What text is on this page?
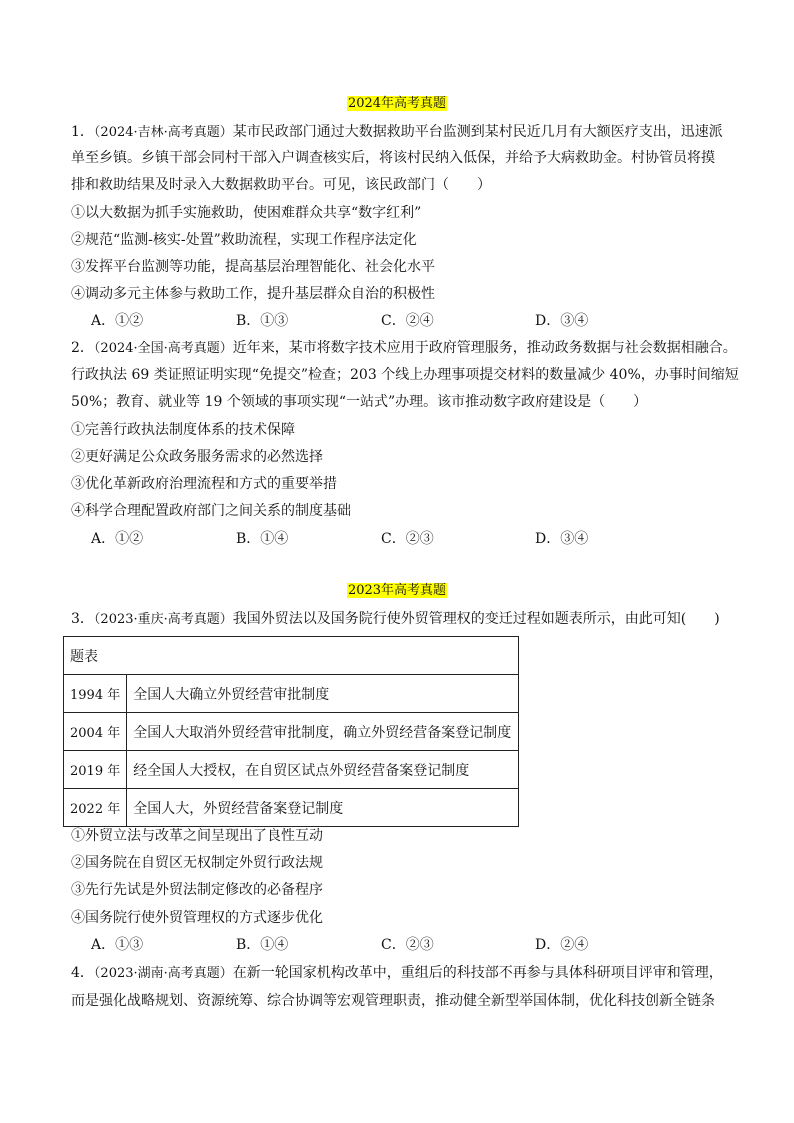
2024年高考真题
1．（2024·吉林·高考真题）某市民政部门通过大数据救助平台监测到某村民近几月有大额医疗支出，迅速派
单至乡镇。乡镇干部会同村干部入户调查核实后，将该村民纳入低保，并给予大病救助金。村协管员将摸
排和救助结果及时录入大数据救助平台。可见，该民政部门（　　）
①以大数据为抓手实施救助，使困难群众共享“数字红利”
②规范“监测-核实-处置”救助流程，实现工作程序法定化
③发挥平台监测等功能，提高基层治理智能化、社会化水平
④调动多元主体参与救助工作，提升基层群众自治的积极性
A．①②	B．①③	C．②④	D．③④
2．（2024·全国·高考真题）近年来，某市将数字技术应用于政府管理服务，推动政务数据与社会数据相融合。
行政执法 69 类证照证明实现“免提交”检查；203 个线上办理事项提交材料的数量减少 40%，办事时间缩短
50%；教育、就业等 19 个领域的事项实现“一站式”办理。该市推动数字政府建设是（　　）
①完善行政执法制度体系的技术保障
②更好满足公众政务服务需求的必然选择
③优化革新政府治理流程和方式的重要举措
④科学合理配置政府部门之间关系的制度基础
A．①②	B．①④	C．②③	D．③④
2023年高考真题
3．（2023·重庆·高考真题）我国外贸法以及国务院行使外贸管理权的变迁过程如题表所示，由此可知(　　)
题表	
1994 年	全国人大确立外贸经营审批制度
2004 年	全国人大取消外贸经营审批制度，确立外贸经营备案登记制度
2019 年	经全国人大授权，在自贸区试点外贸经营备案登记制度
2022 年	全国人大，外贸经营备案登记制度
①外贸立法与改革之间呈现出了良性互动
②国务院在自贸区无权制定外贸行政法规
③先行先试是外贸法制定修改的必备程序
④国务院行使外贸管理权的方式逐步优化
A．①③	B．①④	C．②③	D．②④
4．（2023·湖南·高考真题）在新一轮国家机构改革中，重组后的科技部不再参与具体科研项目评审和管理，
而是强化战略规划、资源统筹、综合协调等宏观管理职责，推动健全新型举国体制，优化科技创新全链条
